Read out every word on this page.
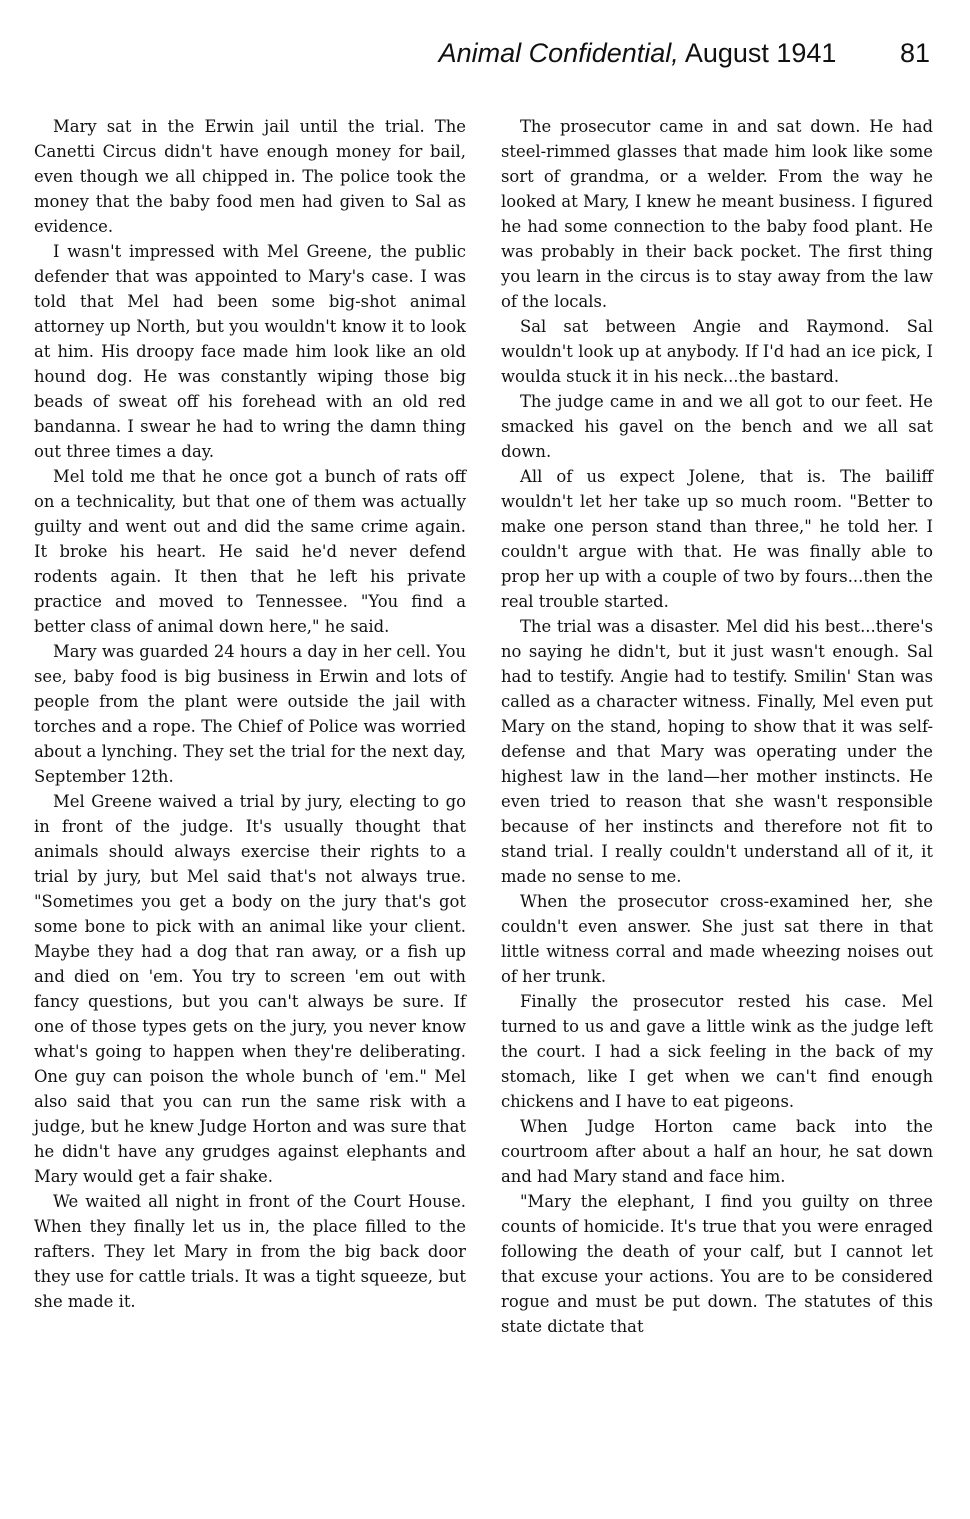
Animal Confidential, August 1941 81

Mary sat in the Erwin jail until the trial. The Canetti Circus didn't have enough money for bail, even though we all chipped in. The police took the money that the baby food men had given to Sal as evidence.

I wasn't impressed with Mel Greene, the public defender that was appointed to Mary's case. I was told that Mel had been some big-shot animal attorney up North, but you wouldn't know it to look at him. His droopy face made him look like an old hound dog. He was constantly wiping those big beads of sweat off his forehead with an old red bandanna. I swear he had to wring the damn thing out three times a day.

Mel told me that he once got a bunch of rats off on a technicality, but that one of them was actually guilty and went out and did the same crime again. It broke his heart. He said he'd never defend rodents again. It then that he left his private practice and moved to Tennessee. "You find a better class of animal down here," he said.

Mary was guarded 24 hours a day in her cell. You see, baby food is big business in Erwin and lots of people from the plant were outside the jail with torches and a rope. The Chief of Police was worried about a lynching. They set the trial for the next day, September 12th.

Mel Greene waived a trial by jury, electing to go in front of the judge. It's usually thought that animals should always exercise their rights to a trial by jury, but Mel said that's not always true. "Sometimes you get a body on the jury that's got some bone to pick with an animal like your client. Maybe they had a dog that ran away, or a fish up and died on 'em. You try to screen 'em out with fancy questions, but you can't always be sure. If one of those types gets on the jury, you never know what's going to happen when they're deliberating. One guy can poison the whole bunch of 'em." Mel also said that you can run the same risk with a judge, but he knew Judge Horton and was sure that he didn't have any grudges against elephants and Mary would get a fair shake.

We waited all night in front of the Court House. When they finally let us in, the place filled to the rafters. They let Mary in from the big back door they use for cattle trials. It was a tight squeeze, but she made it.

The prosecutor came in and sat down. He had steel-rimmed glasses that made him look like some sort of grandma, or a welder. From the way he looked at Mary, I knew he meant business. I figured he had some connection to the baby food plant. He was probably in their back pocket. The first thing you learn in the circus is to stay away from the law of the locals.

Sal sat between Angie and Raymond. Sal wouldn't look up at anybody. If I'd had an ice pick, I woulda stuck it in his neck...the bastard.

The judge came in and we all got to our feet. He smacked his gavel on the bench and we all sat down.

All of us expect Jolene, that is. The bailiff wouldn't let her take up so much room. "Better to make one person stand than three," he told her. I couldn't argue with that. He was finally able to prop her up with a couple of two by fours...then the real trouble started.

The trial was a disaster. Mel did his best...there's no saying he didn't, but it just wasn't enough. Sal had to testify. Angie had to testify. Smilin' Stan was called as a character witness. Finally, Mel even put Mary on the stand, hoping to show that it was self-defense and that Mary was operating under the highest law in the land—her mother instincts. He even tried to reason that she wasn't responsible because of her instincts and therefore not fit to stand trial. I really couldn't understand all of it, it made no sense to me.

When the prosecutor cross-examined her, she couldn't even answer. She just sat there in that little witness corral and made wheezing noises out of her trunk.

Finally the prosecutor rested his case. Mel turned to us and gave a little wink as the judge left the court. I had a sick feeling in the back of my stomach, like I get when we can't find enough chickens and I have to eat pigeons.

When Judge Horton came back into the courtroom after about a half an hour, he sat down and had Mary stand and face him.

"Mary the elephant, I find you guilty on three counts of homicide. It's true that you were enraged following the death of your calf, but I cannot let that excuse your actions. You are to be considered rogue and must be put down. The statutes of this state dictate that
